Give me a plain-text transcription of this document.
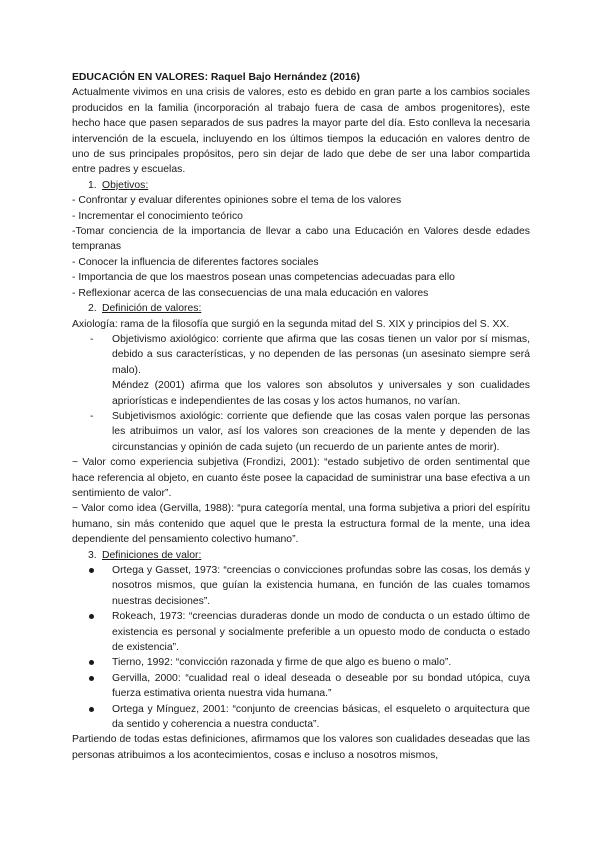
EDUCACIÓN EN VALORES: Raquel Bajo Hernández (2016)

Actualmente vivimos en una crisis de valores, esto es debido en gran parte a los cambios sociales producidos en la familia (incorporación al trabajo fuera de casa de ambos progenitores), este hecho hace que pasen separados de sus padres la mayor parte del día. Esto conlleva la necesaria intervención de la escuela, incluyendo en los últimos tiempos la educación en valores dentro de uno de sus principales propósitos, pero sin dejar de lado que debe de ser una labor compartida entre padres y escuelas.

1. Objetivos:

- Confrontar y evaluar diferentes opiniones sobre el tema de los valores

- Incrementar el conocimiento teórico

-Tomar conciencia de la importancia de llevar a cabo una Educación en Valores desde edades tempranas

- Conocer la influencia de diferentes factores sociales

- Importancia de que los maestros posean unas competencias adecuadas para ello

- Reflexionar acerca de las consecuencias de una mala educación en valores

2. Definición de valores:

Axiología: rama de la filosofía que surgió en la segunda mitad del S. XIX y principios del S. XX.

- Objetivismo axiológico: corriente que afirma que las cosas tienen un valor por sí mismas, debido a sus características, y no dependen de las personas (un asesinato siempre será malo).
Méndez (2001) afirma que los valores son absolutos y universales y son cualidades apriorísticas e independientes de las cosas y los actos humanos, no varían.
- Subjetivismos axiológic: corriente que defiende que las cosas valen porque las personas les atribuimos un valor, así los valores son creaciones de la mente y dependen de las circunstancias y opinión de cada sujeto (un recuerdo de un pariente antes de morir).

~ Valor como experiencia subjetiva (Frondizi, 2001): “estado subjetivo de orden sentimental que hace referencia al objeto, en cuanto éste posee la capacidad de suministrar una base efectiva a un sentimiento de valor”.

~ Valor como idea (Gervilla, 1988): “pura categoría mental, una forma subjetiva a priori del espíritu humano, sin más contenido que aquel que le presta la estructura formal de la mente, una idea dependiente del pensamiento colectivo humano”.

3. Definiciones de valor:
Ortega y Gasset, 1973: “creencias o convicciones profundas sobre las cosas, los demás y nosotros mismos, que guían la existencia humana, en función de las cuales tomamos nuestras decisiones”.
Rokeach, 1973: “creencias duraderas donde un modo de conducta o un estado último de existencia es personal y socialmente preferible a un opuesto modo de conducta o estado de existencia”.
Tierno, 1992: “convicción razonada y firme de que algo es bueno o malo”.
Gervilla, 2000: “cualidad real o ideal deseada o deseable por su bondad utópica, cuya fuerza estimativa orienta nuestra vida humana.”
Ortega y Mínguez, 2001: “conjunto de creencias básicas, el esqueleto o arquitectura que da sentido y coherencia a nuestra conducta”.

Partiendo de todas estas definiciones, afirmamos que los valores son cualidades deseadas que las personas atribuimos a los acontecimientos, cosas e incluso a nosotros mismos,
